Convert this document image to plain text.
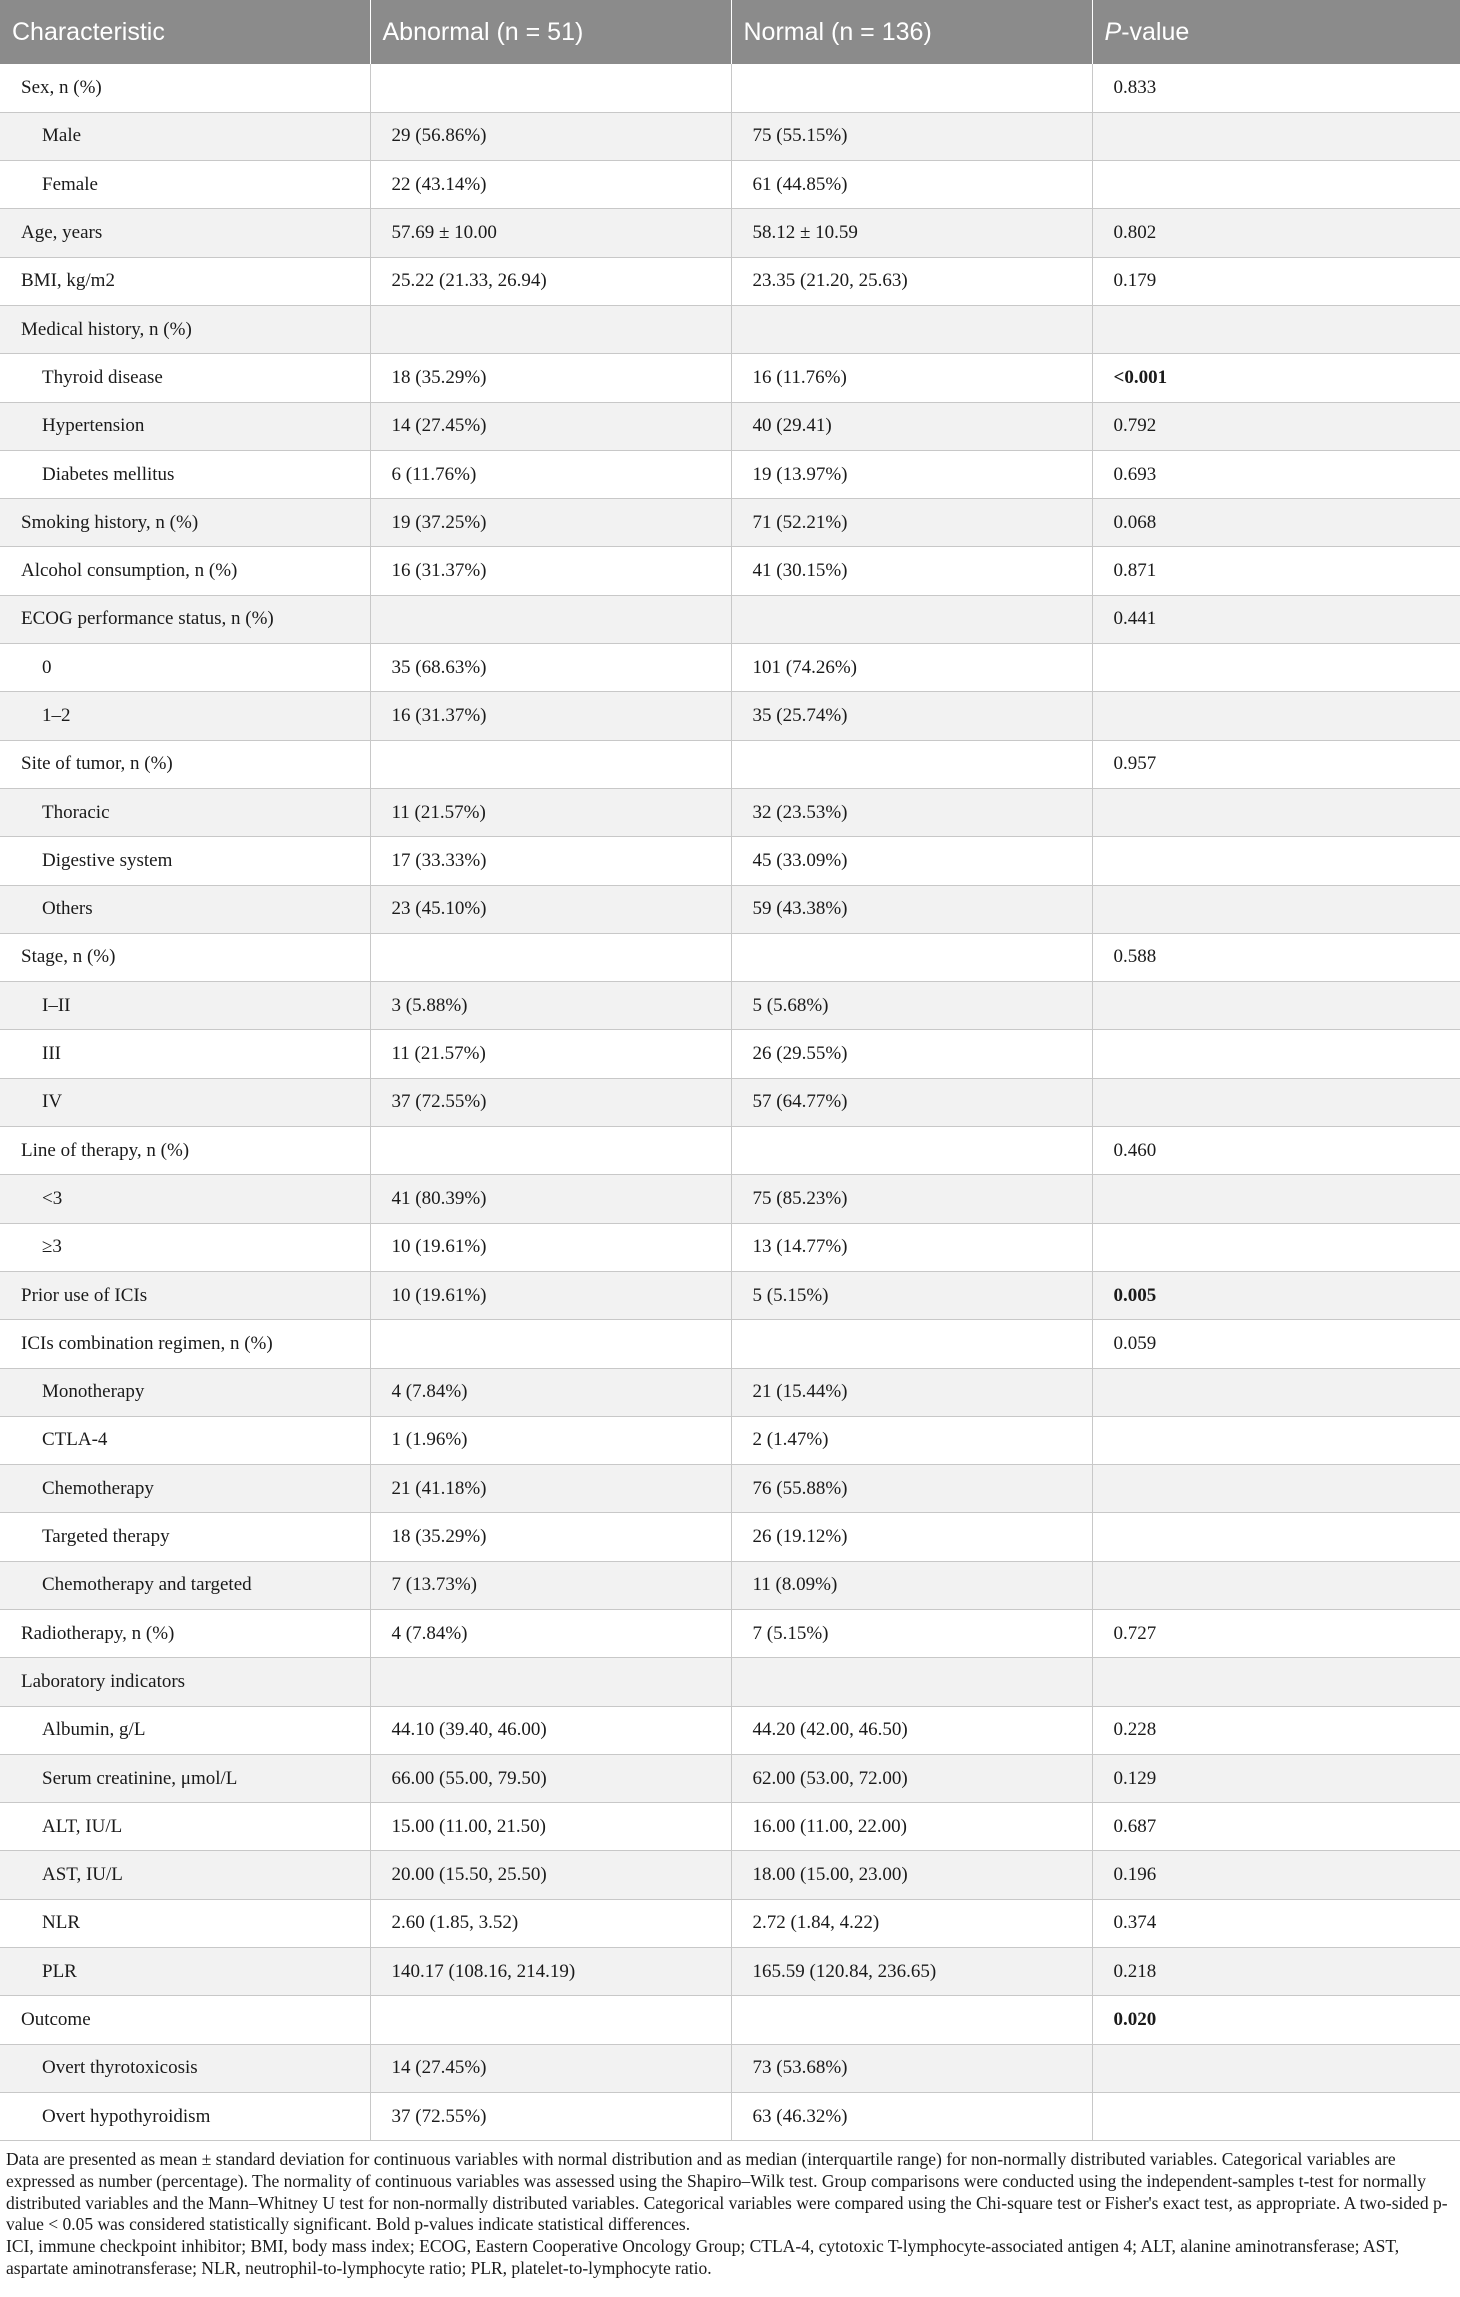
Characteristic	Abnormal (n = 51)	Normal (n = 136)	P-value
Sex, n (%)			0.833
Male	29 (56.86%)	75 (55.15%)	
Female	22 (43.14%)	61 (44.85%)	
Age, years	57.69 ± 10.00	58.12 ± 10.59	0.802
BMI, kg/m2	25.22 (21.33, 26.94)	23.35 (21.20, 25.63)	0.179
Medical history, n (%)			
Thyroid disease	18 (35.29%)	16 (11.76%)	<0.001
Hypertension	14 (27.45%)	40 (29.41)	0.792
Diabetes mellitus	6 (11.76%)	19 (13.97%)	0.693
Smoking history, n (%)	19 (37.25%)	71 (52.21%)	0.068
Alcohol consumption, n (%)	16 (31.37%)	41 (30.15%)	0.871
ECOG performance status, n (%)			0.441
0	35 (68.63%)	101 (74.26%)	
1–2	16 (31.37%)	35 (25.74%)	
Site of tumor, n (%)			0.957
Thoracic	11 (21.57%)	32 (23.53%)	
Digestive system	17 (33.33%)	45 (33.09%)	
Others	23 (45.10%)	59 (43.38%)	
Stage, n (%)			0.588
I–II	3 (5.88%)	5 (5.68%)	
III	11 (21.57%)	26 (29.55%)	
IV	37 (72.55%)	57 (64.77%)	
Line of therapy, n (%)			0.460
<3	41 (80.39%)	75 (85.23%)	
≥3	10 (19.61%)	13 (14.77%)	
Prior use of ICIs	10 (19.61%)	5 (5.15%)	0.005
ICIs combination regimen, n (%)			0.059
Monotherapy	4 (7.84%)	21 (15.44%)	
CTLA-4	1 (1.96%)	2 (1.47%)	
Chemotherapy	21 (41.18%)	76 (55.88%)	
Targeted therapy	18 (35.29%)	26 (19.12%)	
Chemotherapy and targeted	7 (13.73%)	11 (8.09%)	
Radiotherapy, n (%)	4 (7.84%)	7 (5.15%)	0.727
Laboratory indicators			
Albumin, g/L	44.10 (39.40, 46.00)	44.20 (42.00, 46.50)	0.228
Serum creatinine, μmol/L	66.00 (55.00, 79.50)	62.00 (53.00, 72.00)	0.129
ALT, IU/L	15.00 (11.00, 21.50)	16.00 (11.00, 22.00)	0.687
AST, IU/L	20.00 (15.50, 25.50)	18.00 (15.00, 23.00)	0.196
NLR	2.60 (1.85, 3.52)	2.72 (1.84, 4.22)	0.374
PLR	140.17 (108.16, 214.19)	165.59 (120.84, 236.65)	0.218
Outcome			0.020
Overt thyrotoxicosis	14 (27.45%)	73 (53.68%)	
Overt hypothyroidism	37 (72.55%)	63 (46.32%)	

Data are presented as mean ± standard deviation for continuous variables with normal distribution and as median (interquartile range) for non-normally distributed variables. Categorical variables are expressed as number (percentage). The normality of continuous variables was assessed using the Shapiro–Wilk test. Group comparisons were conducted using the independent-samples t-test for normally distributed variables and the Mann–Whitney U test for non-normally distributed variables. Categorical variables were compared using the Chi-square test or Fisher's exact test, as appropriate. A two-sided p-value < 0.05 was considered statistically significant. Bold p-values indicate statistical differences.

ICI, immune checkpoint inhibitor; BMI, body mass index; ECOG, Eastern Cooperative Oncology Group; CTLA-4, cytotoxic T-lymphocyte-associated antigen 4; ALT, alanine aminotransferase; AST, aspartate aminotransferase; NLR, neutrophil-to-lymphocyte ratio; PLR, platelet-to-lymphocyte ratio.
